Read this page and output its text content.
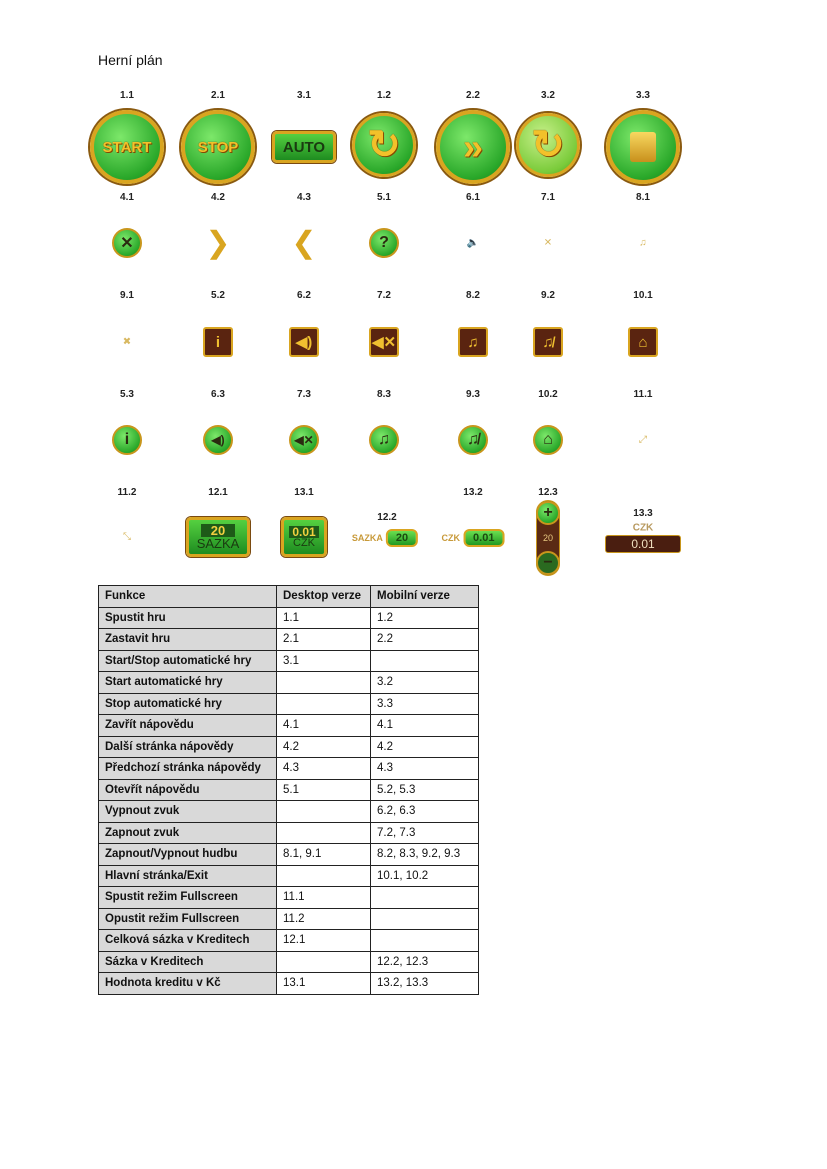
Herní plán
1.1	2.1	3.1	1.2	2.2	3.2	3.3
4.1	4.2	4.3	5.1	6.1	7.1	8.1
9.1	5.2	6.2	7.2	8.2	9.2	10.1
5.3	6.3	7.3	8.3	9.3	10.2	11.1
11.2	12.1	13.1
12.2
13.2	12.3
13.3
START	STOP	AUTO	↻	»	↻
✕ ❯ ❮	?	🔈	✕	♫
✖	i	◀)	◀✕	♫	♫̸	⌂
i	◀)	◀✕	♫	♫̸	⌂	⤢
⤡	20
SAZKA
0.01
CZK	SAZKA	20	CZK	0.01
+
20
−
CZK
0.01
Funkce	Desktop verze	Mobilní verze
Spustit hru	1.1	1.2
Zastavit hru	2.1	2.2
Start/Stop automatické hry	3.1	
Start automatické hry		3.2
Stop automatické hry		3.3
Zavřít nápovědu	4.1	4.1
Další stránka nápovědy	4.2	4.2
Předchozí stránka nápovědy	4.3	4.3
Otevřít nápovědu	5.1	5.2, 5.3
Vypnout zvuk		6.2, 6.3
Zapnout zvuk		7.2, 7.3
Zapnout/Vypnout hudbu	8.1, 9.1	8.2, 8.3, 9.2, 9.3
Hlavní stránka/Exit		10.1, 10.2
Spustit režim Fullscreen	11.1	
Opustit režim Fullscreen	11.2	
Celková sázka v Kreditech	12.1	
Sázka v Kreditech		12.2, 12.3
Hodnota kreditu v Kč	13.1	13.2, 13.3
